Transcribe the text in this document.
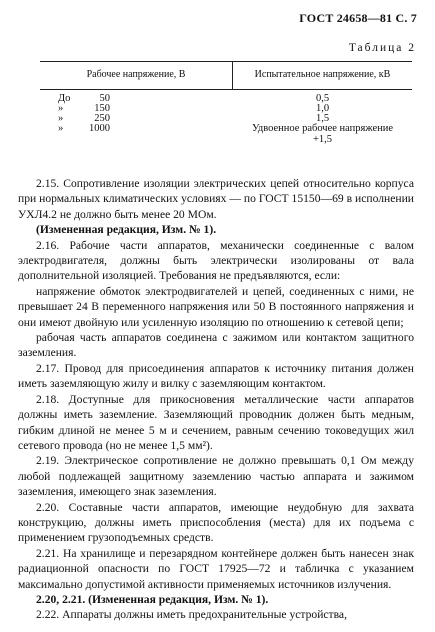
ГОСТ 24658—81 С. 7
Таблица 2
Рабочее напряжение, В	Испытательное напряжение, кВ
До	50	0,5
»	150	1,0
»	250	1,5
»	1000	Удвоенное рабочее напряжение
+1,5

2.15. Сопротивление изоляции электрических цепей относительно корпуса при нормальных климатических условиях — по ГОСТ 15150—69 в исполнении УХЛ4.2 не должно быть менее 20 МОм.

(Измененная редакция, Изм. № 1).

2.16. Рабочие части аппаратов, механически соединенные с валом электродвигателя, должны быть электрически изолированы от вала дополнительной изоляцией. Требования не предъявляются, если:

напряжение обмоток электродвигателей и цепей, соединенных с ними, не превышает 24 В переменного напряжения или 50 В постоянного напряжения и они имеют двойную или усиленную изоляцию по отношению к сетевой цепи;

рабочая часть аппаратов соединена с зажимом или контактом защитного заземления.

2.17. Провод для присоединения аппаратов к источнику питания должен иметь заземляющую жилу и вилку с заземляющим контактом.

2.18. Доступные для прикосновения металлические части аппаратов должны иметь заземление. Заземляющий проводник должен быть медным, гибким длиной не менее 5 м и сечением, равным сечению токоведущих жил сетевого провода (но не менее 1,5 мм²).

2.19. Электрическое сопротивление не должно превышать 0,1 Ом между любой подлежащей защитному заземлению частью аппарата и зажимом заземления, имеющего знак заземления.

2.20. Составные части аппаратов, имеющие неудобную для захвата конструкцию, должны иметь приспособления (места) для их подъема с применением грузоподъемных средств.

2.21. На хранилище и перезарядном контейнере должен быть нанесен знак радиационной опасности по ГОСТ 17925—72 и табличка с указанием максимально допустимой активности применяемых источников излучения.

2.20, 2.21. (Измененная редакция, Изм. № 1).

2.22. Аппараты должны иметь предохранительные устройства,
